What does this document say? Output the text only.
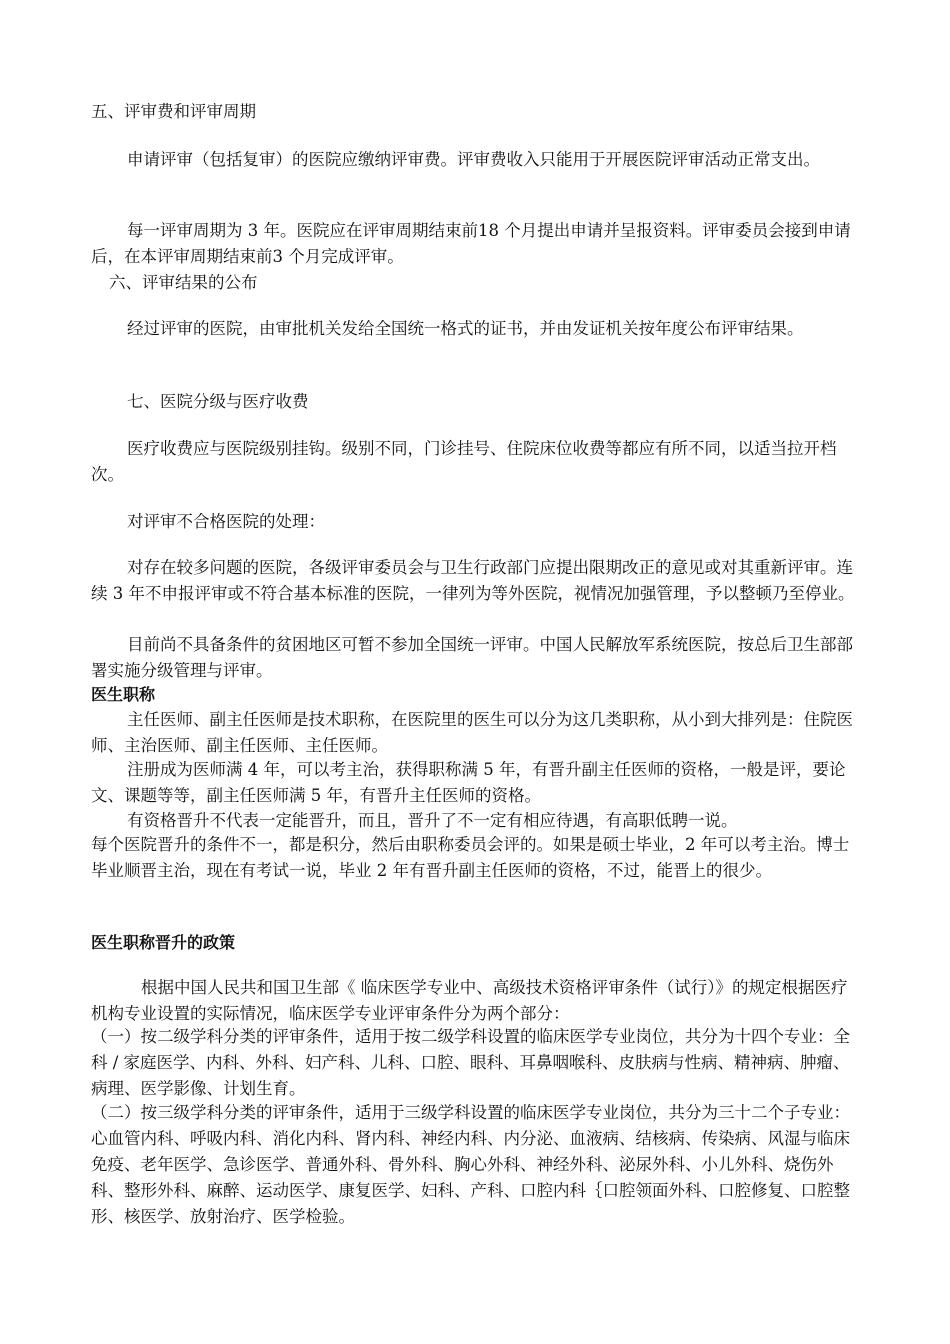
五、评审费和评审周期

申请评审（包括复审）的医院应缴纳评审费。评审费收入只能用于开展医院评审活动正常支出。

每一评审周期为 3 年。医院应在评审周期结束前18 个月提出申请并呈报资料。评审委员会接到申请后，在本评审周期结束前3 个月完成评审。

六、评审结果的公布

经过评审的医院，由审批机关发给全国统一格式的证书，并由发证机关按年度公布评审结果。

七、医院分级与医疗收费

医疗收费应与医院级别挂钩。级别不同，门诊挂号、住院床位收费等都应有所不同，以适当拉开档次。

对评审不合格医院的处理：

对存在较多问题的医院，各级评审委员会与卫生行政部门应提出限期改正的意见或对其重新评审。连续 3 年不申报评审或不符合基本标准的医院，一律列为等外医院，视情况加强管理，予以整顿乃至停业。

目前尚不具备条件的贫困地区可暂不参加全国统一评审。中国人民解放军系统医院，按总后卫生部部署实施分级管理与评审。

医生职称

主任医师、副主任医师是技术职称，在医院里的医生可以分为这几类职称，从小到大排列是：住院医师、主治医师、副主任医师、主任医师。

注册成为医师满 4 年，可以考主治，获得职称满 5 年，有晋升副主任医师的资格，一般是评，要论文、课题等等，副主任医师满 5 年，有晋升主任医师的资格。

有资格晋升不代表一定能晋升，而且，晋升了不一定有相应待遇，有高职低聘一说。

每个医院晋升的条件不一，都是积分，然后由职称委员会评的。如果是硕士毕业，2 年可以考主治。博士毕业顺晋主治，现在有考试一说，毕业 2 年有晋升副主任医师的资格，不过，能晋上的很少。

医生职称晋升的政策

根据中国人民共和国卫生部《 临床医学专业中、高级技术资格评审条件（试行）》的规定根据医疗机构专业设置的实际情况，临床医学专业评审条件分为两个部分：

（一）按二级学科分类的评审条件，适用于按二级学科设置的临床医学专业岗位，共分为十四个专业：全科 / 家庭医学、内科、外科、妇产科、儿科、口腔、眼科、耳鼻咽喉科、皮肤病与性病、精神病、肿瘤、病理、医学影像、计划生育。

（二）按三级学科分类的评审条件，适用于三级学科设置的临床医学专业岗位，共分为三十二个子专业：心血管内科、呼吸内科、消化内科、肾内科、神经内科、内分泌、血液病、结核病、传染病、风湿与临床免疫、老年医学、急诊医学、普通外科、骨外科、胸心外科、神经外科、泌尿外科、小儿外科、烧伤外科、整形外科、麻醉、运动医学、康复医学、妇科、产科、口腔内科｛口腔领面外科、口腔修复、口腔整形、核医学、放射治疗、医学检验。
